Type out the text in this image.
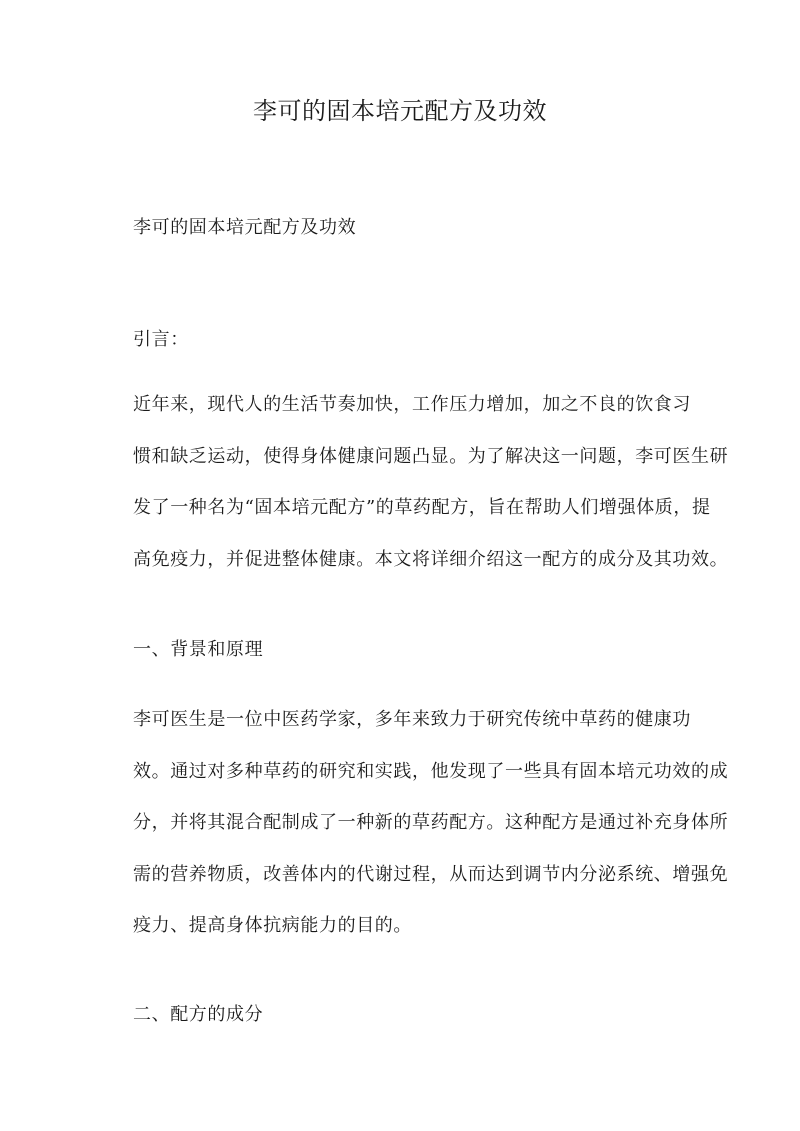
李可的固本培元配方及功效
李可的固本培元配方及功效
引言：
近年来，现代人的生活节奏加快，工作压力增加，加之不良的饮食习
惯和缺乏运动，使得身体健康问题凸显。为了解决这一问题，李可医生研
发了一种名为“固本培元配方”的草药配方，旨在帮助人们增强体质，提
高免疫力，并促进整体健康。本文将详细介绍这一配方的成分及其功效。
一、背景和原理
李可医生是一位中医药学家，多年来致力于研究传统中草药的健康功
效。通过对多种草药的研究和实践，他发现了一些具有固本培元功效的成
分，并将其混合配制成了一种新的草药配方。这种配方是通过补充身体所
需的营养物质，改善体内的代谢过程，从而达到调节内分泌系统、增强免
疫力、提高身体抗病能力的目的。
二、配方的成分
